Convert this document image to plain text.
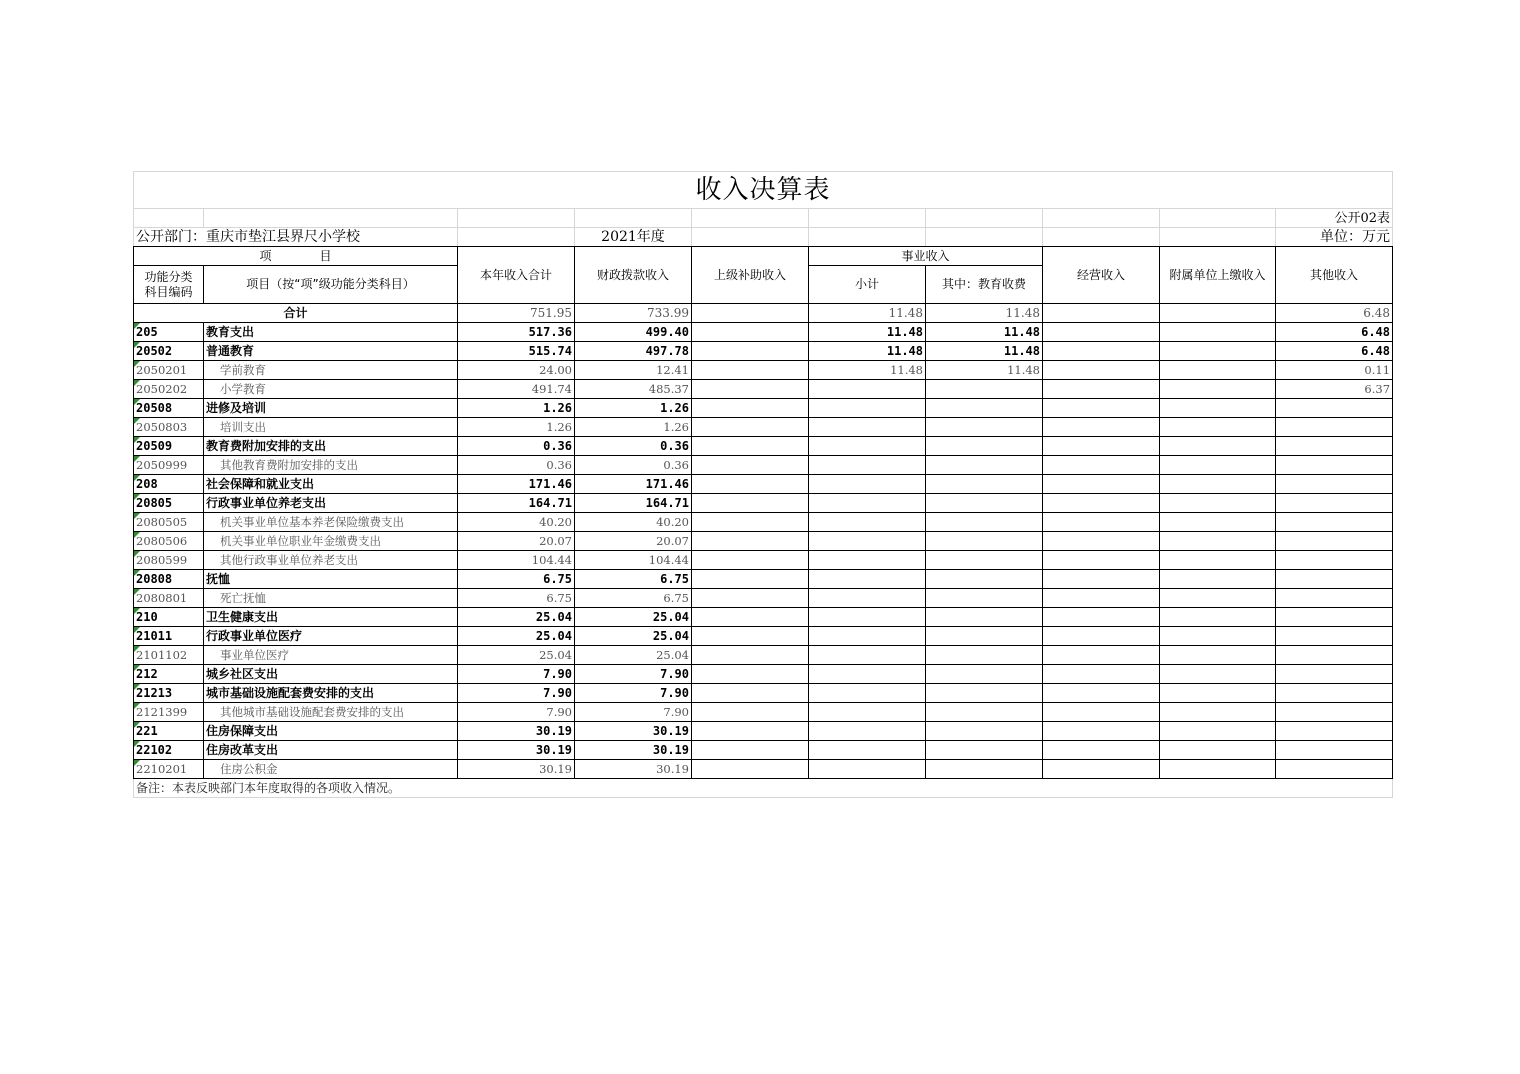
收入决算表									
									公开02表
公开部门：重庆市垫江县界尺小学校			2021年度						单位：万元
项　　　　目		本年收入合计	财政拨款收入	上级补助收入	事业收入		经营收入	附属单位上缴收入	其他收入
功能分类
科目编码	项目（按“项”级功能分类科目）								
					小计	其中：教育收费			
合计		751.95	733.99		11.48	11.48			6.48

205	教育支出	517.36	499.40		11.48	11.48			6.48

20502	普通教育	515.74	497.78		11.48	11.48			6.48

2050201	学前教育	24.00	12.41		11.48	11.48			0.11

2050202	小学教育	491.74	485.37						6.37

20508	进修及培训	1.26	1.26						

2050803	培训支出	1.26	1.26						

20509	教育费附加安排的支出	0.36	0.36						

2050999	其他教育费附加安排的支出	0.36	0.36						

208	社会保障和就业支出	171.46	171.46						

20805	行政事业单位养老支出	164.71	164.71						

2080505	机关事业单位基本养老保险缴费支出	40.20	40.20						

2080506	机关事业单位职业年金缴费支出	20.07	20.07						

2080599	其他行政事业单位养老支出	104.44	104.44						

20808	抚恤	6.75	6.75						

2080801	死亡抚恤	6.75	6.75						

210	卫生健康支出	25.04	25.04						

21011	行政事业单位医疗	25.04	25.04						

2101102	事业单位医疗	25.04	25.04						

212	城乡社区支出	7.90	7.90						

21213	城市基础设施配套费安排的支出	7.90	7.90						

2121399	其他城市基础设施配套费安排的支出	7.90	7.90						

221	住房保障支出	30.19	30.19						

22102	住房改革支出	30.19	30.19						

2210201	住房公积金	30.19	30.19						
备注：本表反映部门本年度取得的各项收入情况。									
